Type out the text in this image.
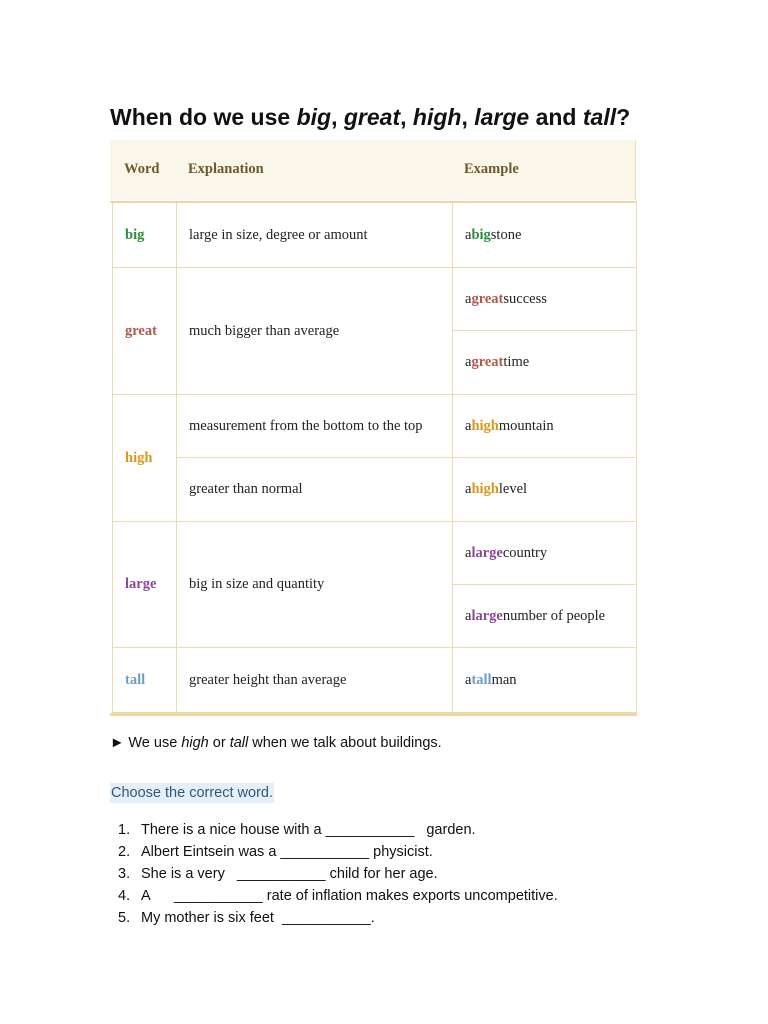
When do we use big, great, high, large and tall?
Word Explanation	Example
big
great
high
large
tall
large in size, degree or amount
much bigger than average
measurement from the bottom to the top
greater than normal
big in size and quantity
greater height than average
abigstone
agreatsuccess
agreattime
ahighmountain
ahighlevel
alargecountry
alargenumber of people
atallman
► We use high or tall when we talk about buildings.
Choose the correct word.
1. There is a nice house with a ___________   garden.
2. Albert Eintsein was a ___________ physicist.
3. She is a very   ___________ child for her age.
4. A      ___________ rate of inflation makes exports uncompetitive.
5. My mother is six feet  ___________.
